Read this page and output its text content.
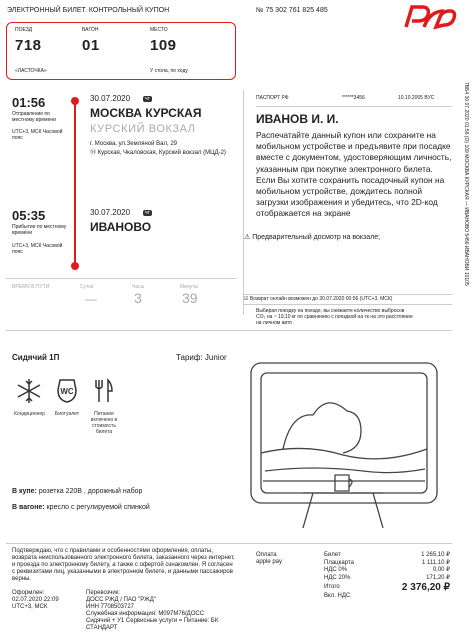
ЭЛЕКТРОННЫЙ БИЛЕТ. КОНТРОЛЬНЫЙ КУПОН	№ 75 302 761 825 485
ПОЕЗД
718
«ЛАСТОЧКА»
ВАГОН
01
МЕСТО
109
У стола, по ходу
7ВБ4 30.07.2020 01:56 (О) 109 МОСКВА КУРСКАЯ — ИВАНОВО 5456 ИВАНОВИ 10105
01:56
Отправление по местному времени
UTC+3, МСК Часовой пояс
30.07.2020	чт
МОСКВА КУРСКАЯ
КУРСКИЙ ВОКЗАЛ
г. Москва, ул.Земляной Вал, 29
Ⓜ Курская, Чкаловская, Курский вокзал (МЦД-2)
05:35
Прибытие по местному времени
UTC+3, МСК Часовой пояс
30.07.2020	чт
ИВАНОВО
ВРЕМЯ В ПУТИ	Сутки
—
Часы
3
Минуты
39
ПАСПОРТ РФ	******3456	10.10.2005 ВУС
ИВАНОВ И. И.
Распечатайте данный купон или сохраните на мобильном устройстве и предъявите при посадке вместе с документом, удостоверяющим личность, указанным при покупке электронного билета. Если Вы хотите сохранить посадочный купон на мобильном устройстве, дождитесь полной загрузки изображения и убедитесь, что 2D-код отображается на экране
⚠ Предварительный досмотр на вокзале;
☑ Возврат онлайн возможен до 30.07.2020 00:56 (UTC+3, МСК)
Выбирая поездку на поезде, вы снижаете количество выбросов
CO₂ на ~ 19,10 кг по сравнению с поездкой на тк на это расстояние
на личном авто
Сидячий 1П	Тариф: Junior
Кондиционер
WC
Биотуалет	Питание включено в стоимость билета
В купе: розетка 220В , дорожный набор
В вагоне: кресло с регулируемой спинкой
Подтверждаю, что с правилами и особенностями оформления, оплаты, возврата неиспользованного электронного билета, заказанного через интернет, и проезда по электронному билету, а также с офертой ознакомлен. Я согласен с реквизитами лиц, указанными в электронном билете, и данными пассажиров верны.
Оформлен:
02.07.2020 22:09
UTC+3, МСК
Перевозчик:
ДОСС РЖД / ПАО "РЖД"
ИНН 7708503727
Служебная информация: M097M76/ДОСС
Сидячий + У1 Сервисные услуги = Питание: БК СТАНДАРТ
Оплата
apple pay
Билет	1 265,10 ₽
Плацкарта	1 111,10 ₽
НДС 0%	0,00 ₽
НДС 20%	171,20 ₽
Итого	2 376,20 ₽
Вкл. НДС
